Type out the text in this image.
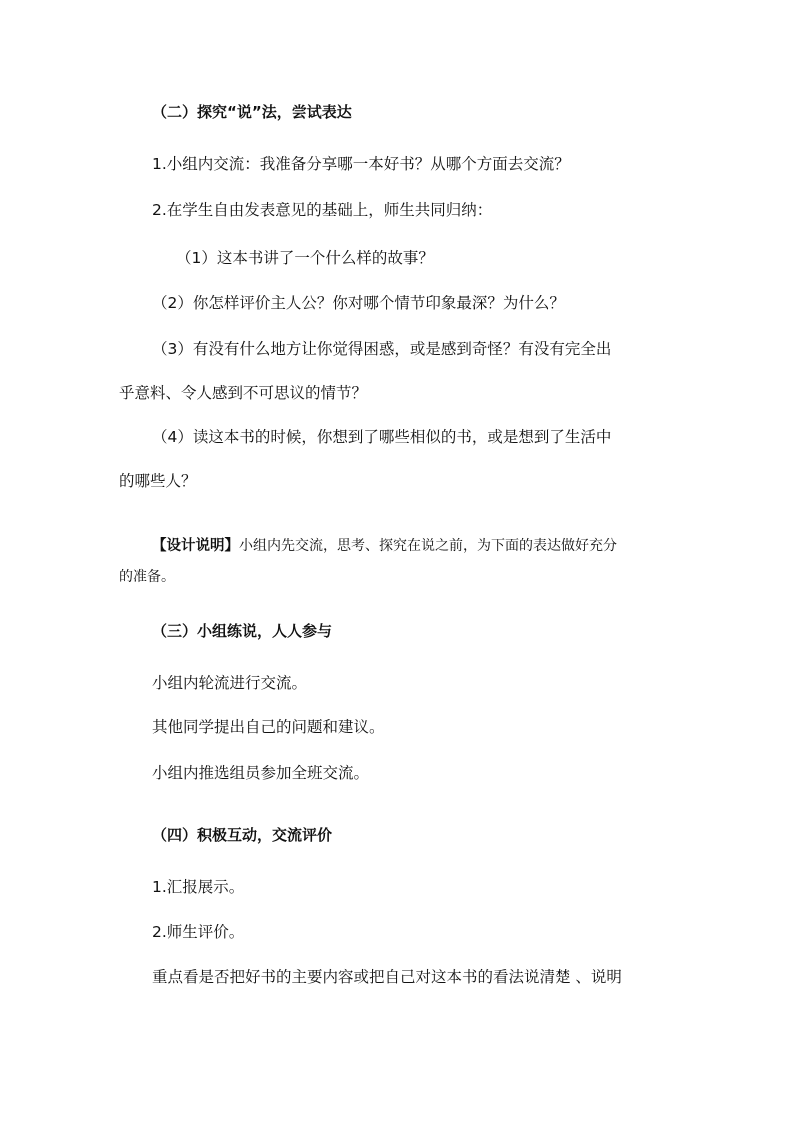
（二）探究“说”法，尝试表达
1.小组内交流：我准备分享哪一本好书？从哪个方面去交流？
2.在学生自由发表意见的基础上，师生共同归纳：
（1）这本书讲了一个什么样的故事？
（2）你怎样评价主人公？你对哪个情节印象最深？为什么？
（3）有没有什么地方让你觉得困惑，或是感到奇怪？有没有完全出
乎意料、令人感到不可思议的情节？
（4）读这本书的时候，你想到了哪些相似的书，或是想到了生活中
的哪些人？
【设计说明】小组内先交流，思考、探究在说之前，为下面的表达做好充分
的准备。
（三）小组练说，人人参与
小组内轮流进行交流。
其他同学提出自己的问题和建议。
小组内推选组员参加全班交流。
（四）积极互动，交流评价
1.汇报展示。
2.师生评价。
重点看是否把好书的主要内容或把自己对这本书的看法说清楚 、说明
